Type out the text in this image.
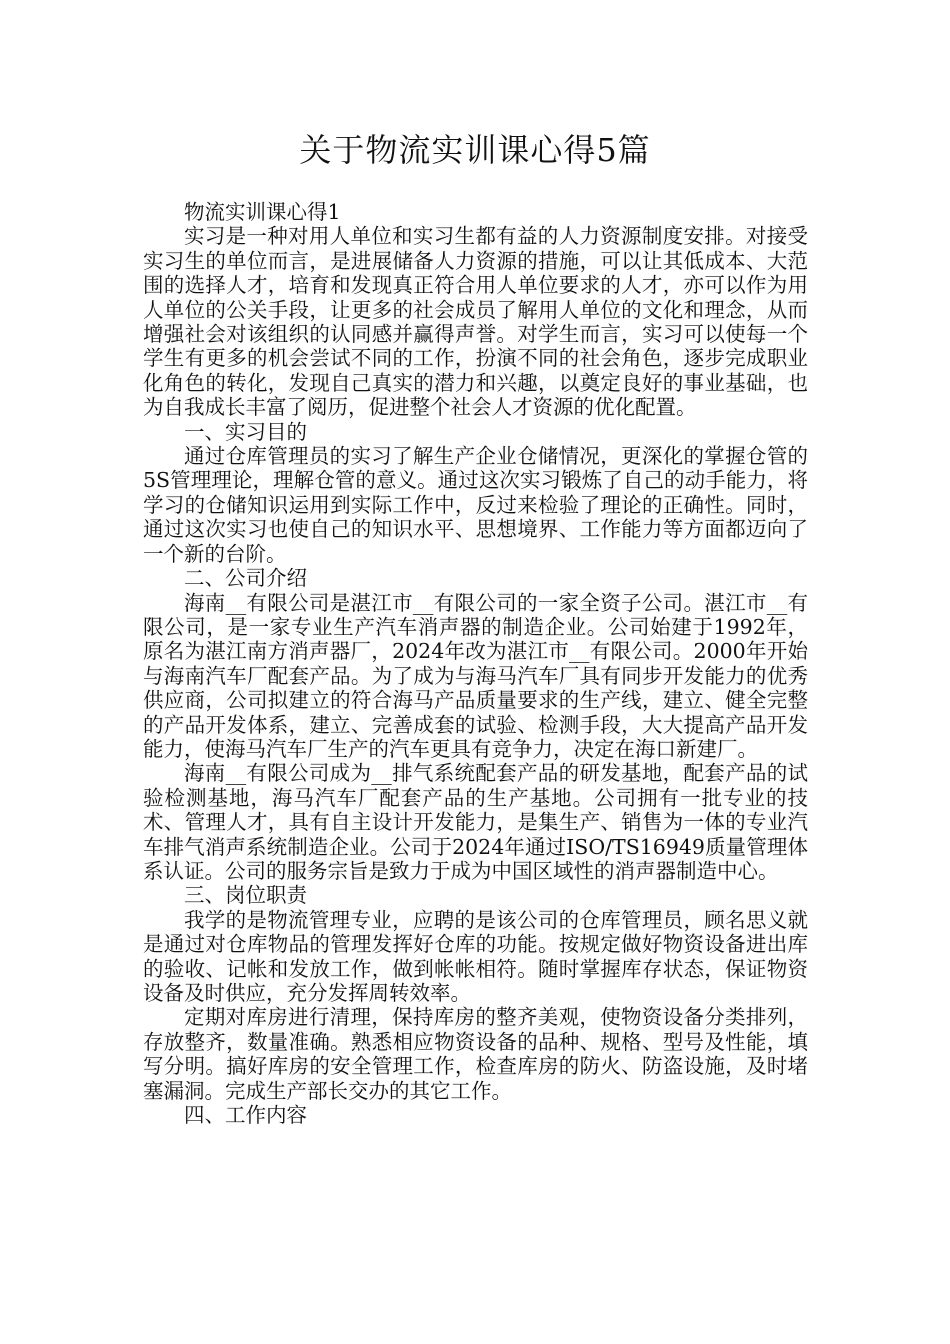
关于物流实训课心得5篇

物流实训课心得1

实习是一种对用人单位和实习生都有益的人力资源制度安排。对接受实习生的单位而言，是进展储备人力资源的措施，可以让其低成本、大范围的选择人才，培育和发现真正符合用人单位要求的人才，亦可以作为用人单位的公关手段，让更多的社会成员了解用人单位的文化和理念，从而增强社会对该组织的认同感并赢得声誉。对学生而言，实习可以使每一个学生有更多的机会尝试不同的工作，扮演不同的社会角色，逐步完成职业化角色的转化，发现自己真实的潜力和兴趣，以奠定良好的事业基础，也为自我成长丰富了阅历，促进整个社会人才资源的优化配置。

一、实习目的

通过仓库管理员的实习了解生产企业仓储情况，更深化的掌握仓管的5S管理理论，理解仓管的意义。通过这次实习锻炼了自己的动手能力，将学习的仓储知识运用到实际工作中，反过来检验了理论的正确性。同时，通过这次实习也使自己的知识水平、思想境界、工作能力等方面都迈向了一个新的台阶。

二、公司介绍

海南__有限公司是湛江市__有限公司的一家全资子公司。湛江市__有限公司，是一家专业生产汽车消声器的制造企业。公司始建于1992年，原名为湛江南方消声器厂，2024年改为湛江市__有限公司。2000年开始与海南汽车厂配套产品。为了成为与海马汽车厂具有同步开发能力的优秀供应商，公司拟建立的符合海马产品质量要求的生产线，建立、健全完整的产品开发体系，建立、完善成套的试验、检测手段，大大提高产品开发能力，使海马汽车厂生产的汽车更具有竞争力，决定在海口新建厂。

海南__有限公司成为__排气系统配套产品的研发基地，配套产品的试验检测基地，海马汽车厂配套产品的生产基地。公司拥有一批专业的技术、管理人才，具有自主设计开发能力，是集生产、销售为一体的专业汽车排气消声系统制造企业。公司于2024年通过ISO/TS16949质量管理体系认证。公司的服务宗旨是致力于成为中国区域性的消声器制造中心。

三、岗位职责

我学的是物流管理专业，应聘的是该公司的仓库管理员，顾名思义就是通过对仓库物品的管理发挥好仓库的功能。按规定做好物资设备进出库的验收、记帐和发放工作，做到帐帐相符。随时掌握库存状态，保证物资设备及时供应，充分发挥周转效率。

定期对库房进行清理，保持库房的整齐美观，使物资设备分类排列，存放整齐，数量准确。熟悉相应物资设备的品种、规格、型号及性能，填写分明。搞好库房的安全管理工作，检查库房的防火、防盗设施，及时堵塞漏洞。完成生产部长交办的其它工作。

四、工作内容
